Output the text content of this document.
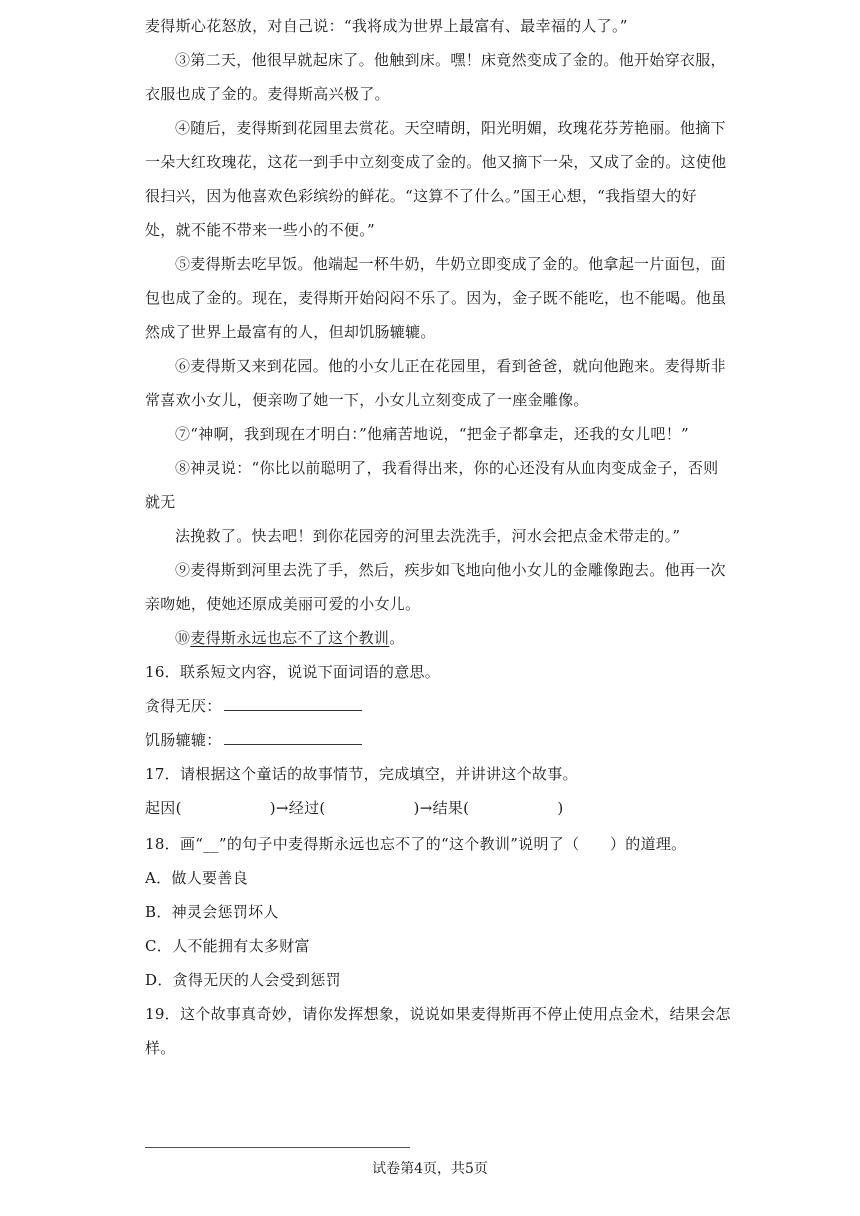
麦得斯心花怒放，对自己说：“我将成为世界上最富有、最幸福的人了。”
③第二天，他很早就起床了。他触到床。嘿！床竟然变成了金的。他开始穿衣服，
衣服也成了金的。麦得斯高兴极了。
④随后，麦得斯到花园里去赏花。天空晴朗，阳光明媚，玫瑰花芬芳艳丽。他摘下
一朵大红玫瑰花，这花一到手中立刻变成了金的。他又摘下一朵，又成了金的。这使他
很扫兴，因为他喜欢色彩缤纷的鲜花。“这算不了什么。”国王心想，“我指望大的好
处，就不能不带来一些小的不便。”
⑤麦得斯去吃早饭。他端起一杯牛奶，牛奶立即变成了金的。他拿起一片面包，面
包也成了金的。现在，麦得斯开始闷闷不乐了。因为，金子既不能吃，也不能喝。他虽
然成了世界上最富有的人，但却饥肠辘辘。
⑥麦得斯又来到花园。他的小女儿正在花园里，看到爸爸，就向他跑来。麦得斯非
常喜欢小女儿，便亲吻了她一下，小女儿立刻变成了一座金雕像。
⑦“神啊，我到现在才明白：”他痛苦地说，“把金子都拿走，还我的女儿吧！”
⑧神灵说：“你比以前聪明了，我看得出来，你的心还没有从血肉变成金子，否则
就无
法挽救了。快去吧！到你花园旁的河里去洗洗手，河水会把点金术带走的。”
⑨麦得斯到河里去洗了手，然后，疾步如飞地向他小女儿的金雕像跑去。他再一次
亲吻她，使她还原成美丽可爱的小女儿。
⑩麦得斯永远也忘不了这个教训。
16．联系短文内容，说说下面词语的意思。
贪得无厌：
饥肠辘辘：
17．请根据这个童话的故事情节，完成填空，并讲讲这个故事。
起因(	)→经过(	)→结果(	)
18．画“__”的句子中麦得斯永远也忘不了的“这个教训”说明了（　　）的道理。
A．做人要善良
B．神灵会惩罚坏人
C．人不能拥有太多财富
D．贪得无厌的人会受到惩罚
19．这个故事真奇妙，请你发挥想象，说说如果麦得斯再不停止使用点金术，结果会怎
样。
试卷第4页，共5页
